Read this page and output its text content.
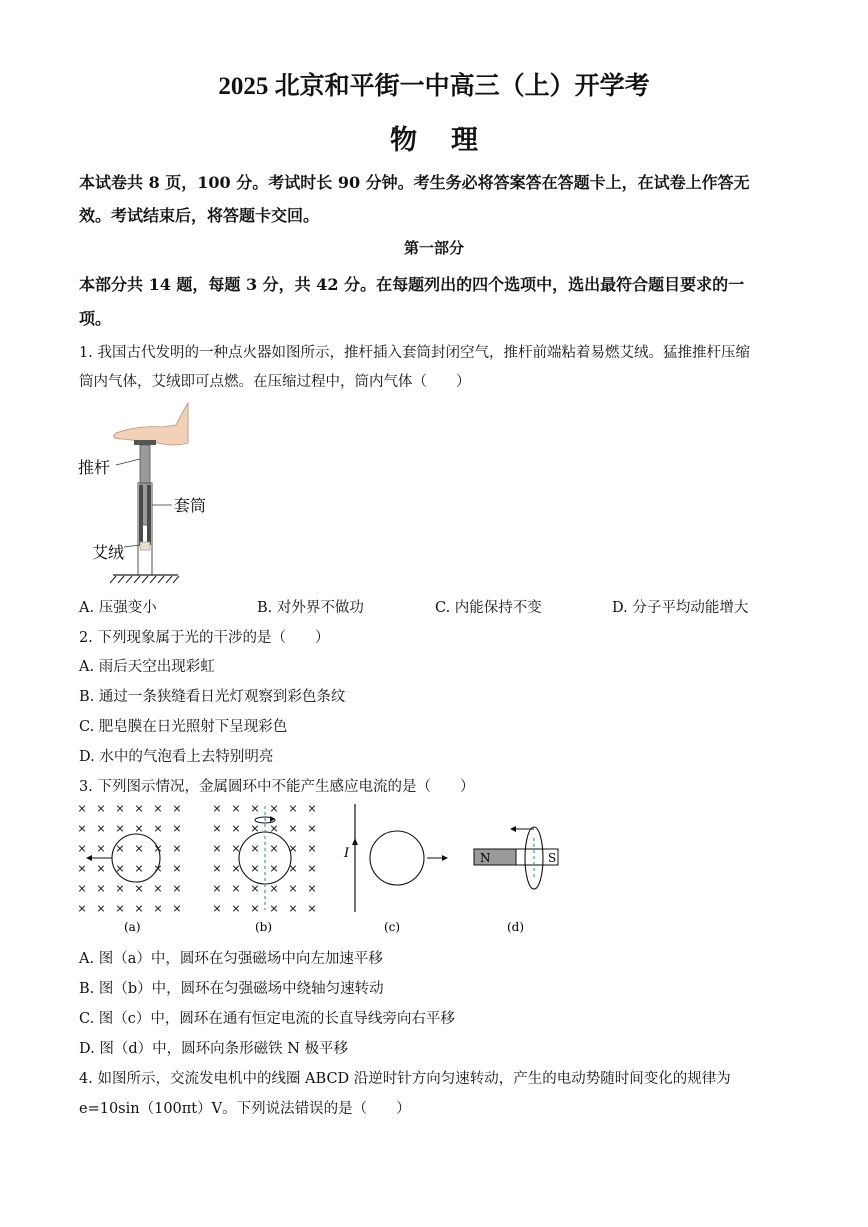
2025 北京和平街一中高三（上）开学考
物理
本试卷共 8 页，100 分。考试时长 90 分钟。考生务必将答案答在答题卡上，在试卷上作答无
效。考试结束后，将答题卡交回。
第一部分
本部分共 14 题，每题 3 分，共 42 分。在每题列出的四个选项中，选出最符合题目要求的一
项。
1. 我国古代发明的一种点火器如图所示，推杆插入套筒封闭空气，推杆前端粘着易燃艾绒。猛推推杆压缩
筒内气体，艾绒即可点燃。在压缩过程中，筒内气体（　　）
推杆
套筒
艾绒
A. 压强变小	B. 对外界不做功	C. 内能保持不变	D. 分子平均动能增大
2. 下列现象属于光的干涉的是（　　）
A. 雨后天空出现彩虹
B. 通过一条狭缝看日光灯观察到彩色条纹
C. 肥皂膜在日光照射下呈现彩色
D. 水中的气泡看上去特别明亮
3. 下列图示情况，金属圆环中不能产生感应电流的是（　　）
× × × × × ×
× × × × × ×
× × × × × ×
× × × × × ×
× × × × × ×
× × × × × ×
× × × × × ×
× × × × × ×
× × × × × ×
× × × × × ×
× × × × × ×
× × × × × ×
I	N	S
(a)	(b)	(c)	(d)
A. 图（a）中，圆环在匀强磁场中向左加速平移
B. 图（b）中，圆环在匀强磁场中绕轴匀速转动
C. 图（c）中，圆环在通有恒定电流的长直导线旁向右平移
D. 图（d）中，圆环向条形磁铁 N 极平移
4. 如图所示，交流发电机中的线圈 ABCD 沿逆时针方向匀速转动，产生的电动势随时间变化的规律为
e=10sin（100πt）V。下列说法错误的是（　　）
